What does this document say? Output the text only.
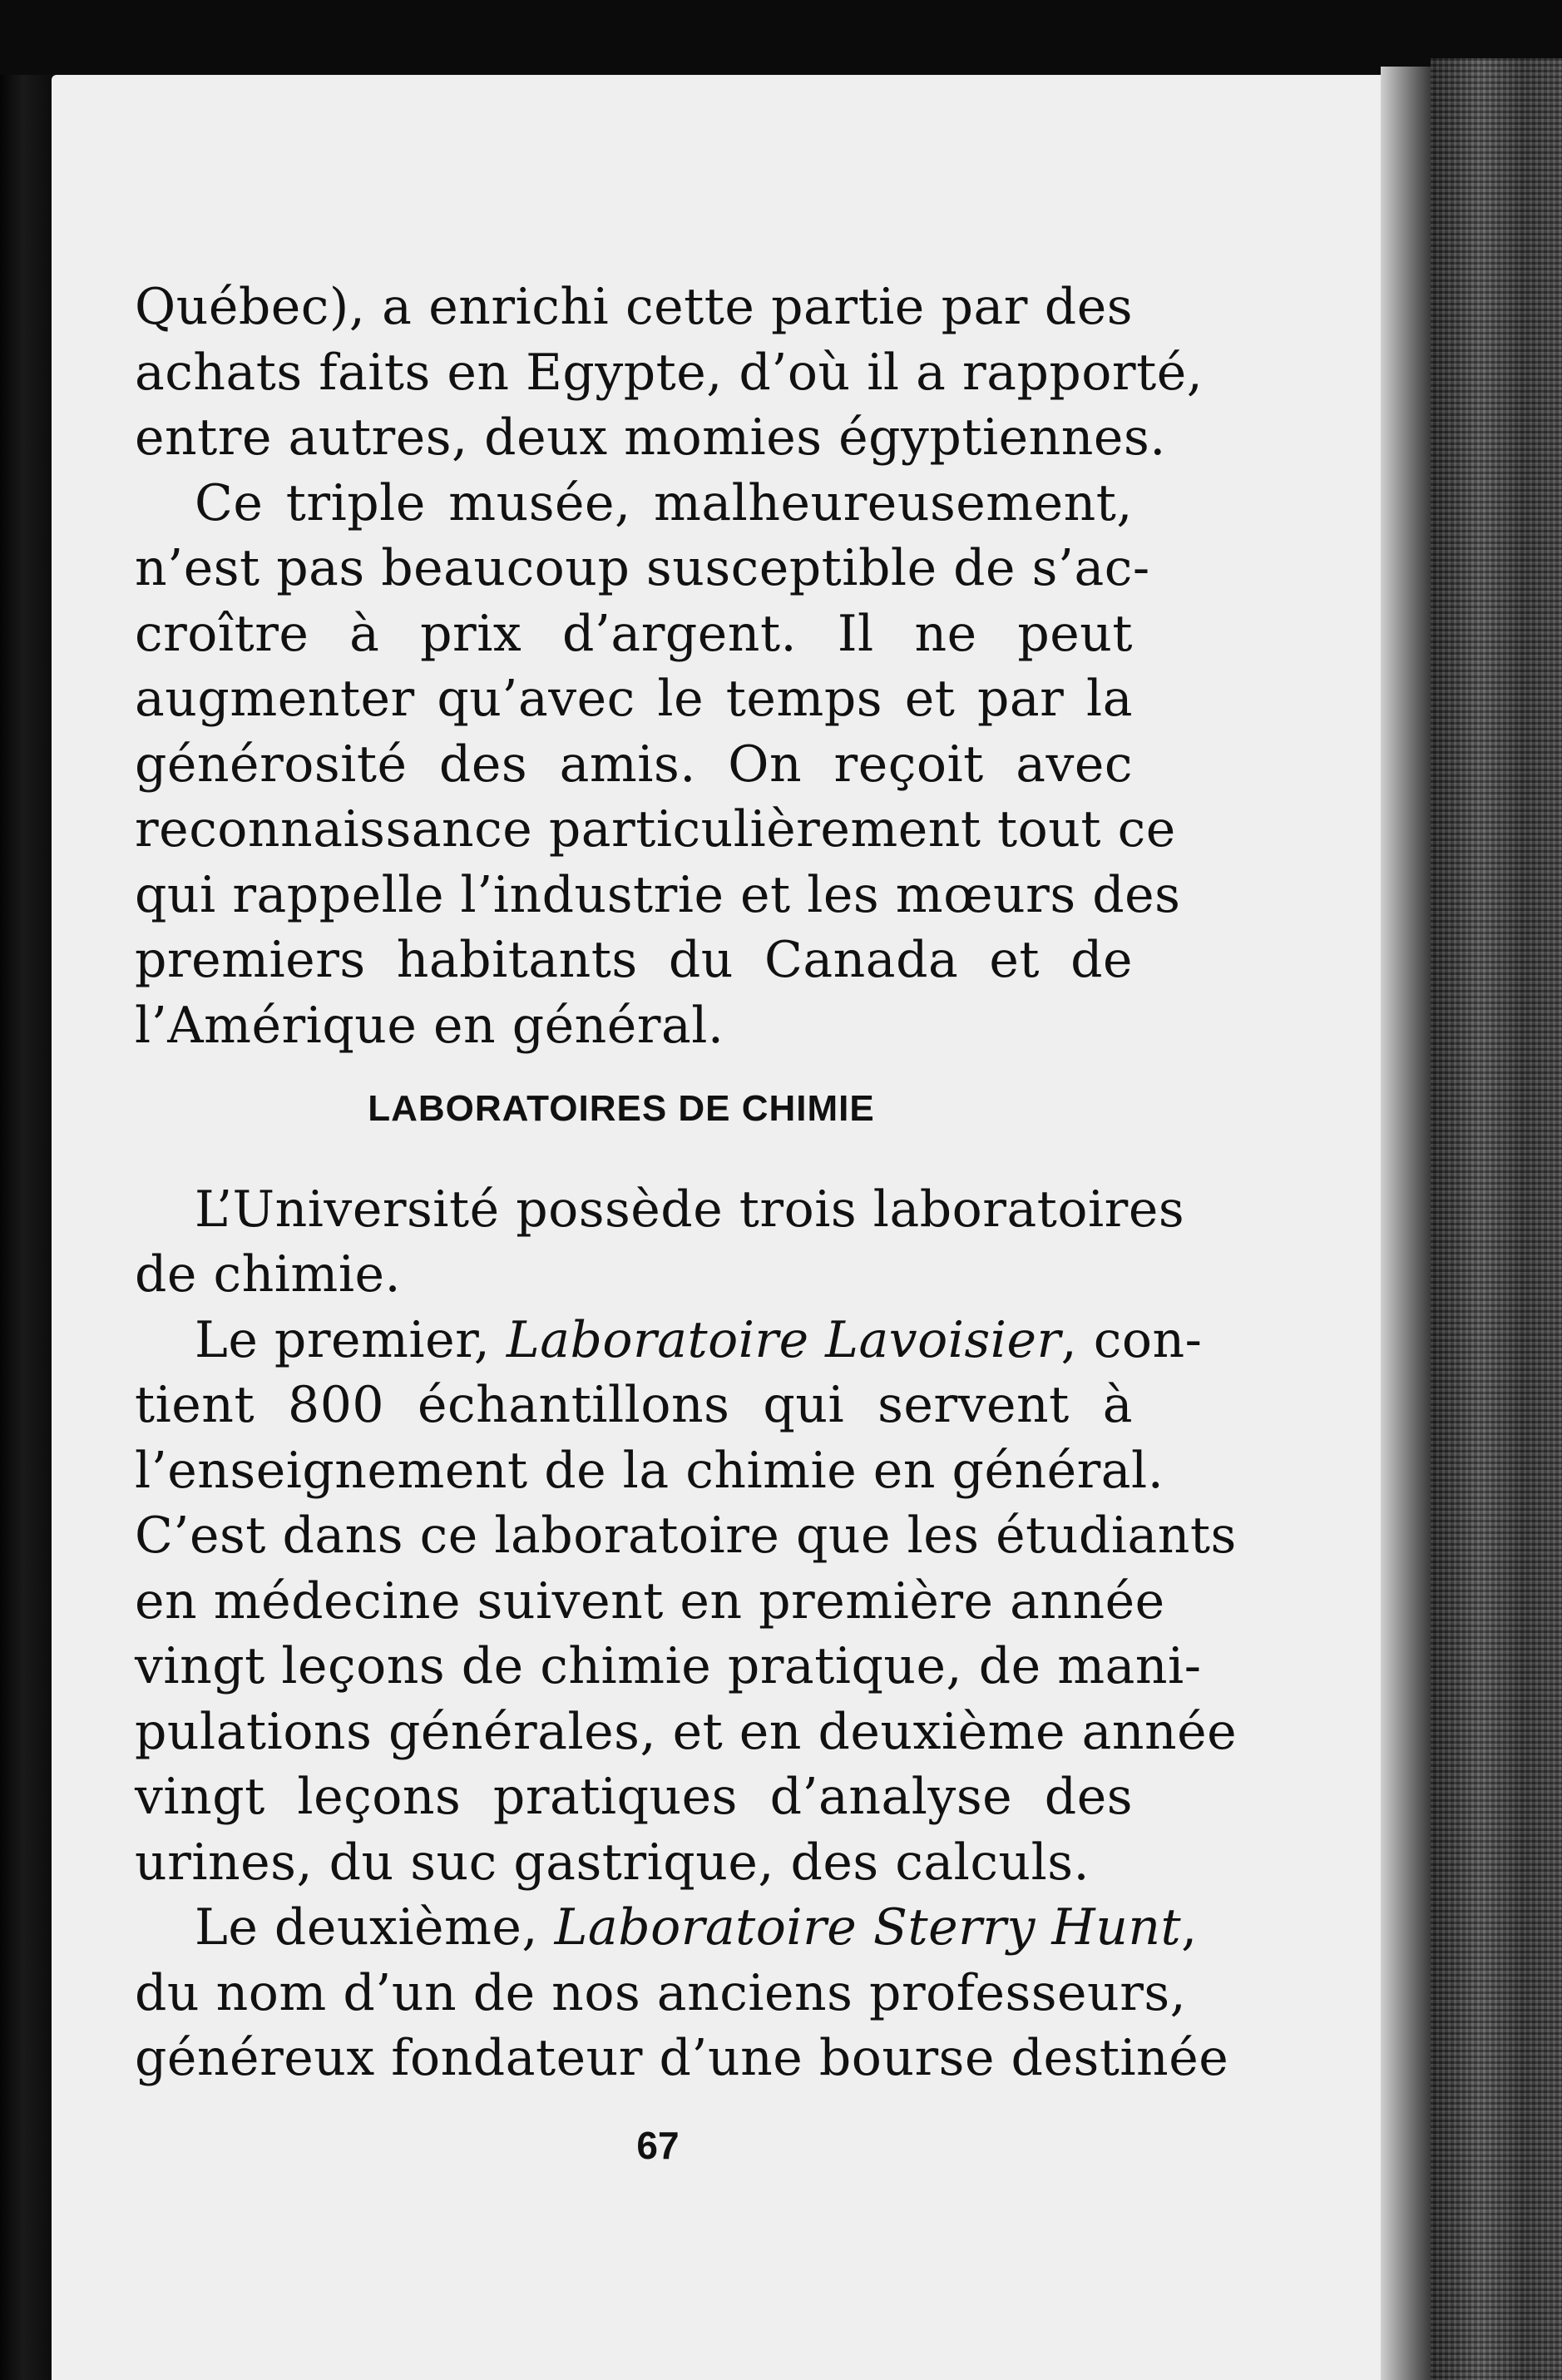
Québec), a enrichi cette partie par des
achats faits en Egypte, d’où il a rapporté,
entre autres, deux momies égyptiennes.
Ce triple musée, malheureusement,
n’est pas beaucoup susceptible de s’ac-
croître à prix d’argent. Il ne peut
augmenter qu’avec le temps et par la
générosité des amis. On reçoit avec
reconnaissance particulièrement tout ce
qui rappelle l’industrie et les mœurs des
premiers habitants du Canada et de
l’Amérique en général.
LABORATOIRES DE CHIMIE
L’Université possède trois laboratoires
de chimie.
Le premier, Laboratoire Lavoisier, con-
tient 800 échantillons qui servent à
l’enseignement de la chimie en général.
C’est dans ce laboratoire que les étudiants
en médecine suivent en première année
vingt leçons de chimie pratique, de mani-
pulations générales, et en deuxième année
vingt leçons pratiques d’analyse des
urines, du suc gastrique, des calculs.
Le deuxième, Laboratoire Sterry Hunt,
du nom d’un de nos anciens professeurs,
généreux fondateur d’une bourse destinée
67
